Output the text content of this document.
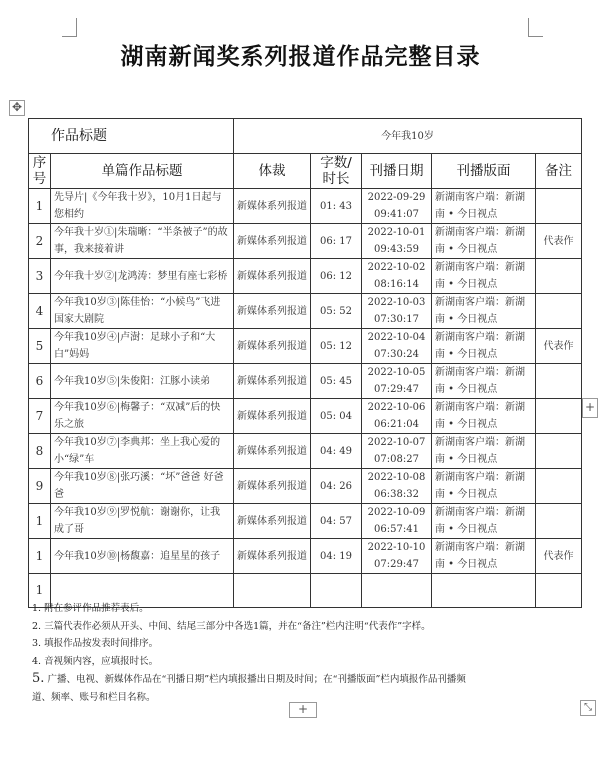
湖南新闻奖系列报道作品完整目录
✥
作品标题		今年我10岁				
序号	单篇作品标题	体裁	字数/时长	刊播日期	刊播版面	备注
1	先导片|《今年我十岁》，10月1日起与您相约	新媒体系列报道	01: 43	2022-09-29 09:41:07	新湖南客户端：新湖南 • 今日视点	
2	今年我十岁①|朱瑞晰：“半条被子”的故事，我来接着讲	新媒体系列报道	06: 17	2022-10-01 09:43:59	新湖南客户端：新湖南 • 今日视点	代表作
3	今年我十岁②|龙鸿涛：梦里有座七彩桥	新媒体系列报道	06: 12	2022-10-02 08:16:14	新湖南客户端：新湖南 • 今日视点	
4	今年我10岁③|陈佳怡：“小候鸟”飞进国家大剧院	新媒体系列报道	05: 52	2022-10-03 07:30:17	新湖南客户端：新湖南 • 今日视点	
5	今年我10岁④|卢澍：足球小子和“大白”妈妈	新媒体系列报道	05: 12	2022-10-04 07:30:24	新湖南客户端：新湖南 • 今日视点	代表作
6	今年我10岁⑤|朱俊阳：江豚小读弟	新媒体系列报道	05: 45	2022-10-05 07:29:47	新湖南客户端：新湖南 • 今日视点	
7	今年我10岁⑥|梅馨子：“双减”后的快乐之旅	新媒体系列报道	05: 04	2022-10-06 06:21:04	新湖南客户端：新湖南 • 今日视点	
8	今年我10岁⑦|李典邦：坐上我心爱的小“绿”车	新媒体系列报道	04: 49	2022-10-07 07:08:27	新湖南客户端：新湖南 • 今日视点	
9	今年我10岁⑧|张巧溪：“坏”爸爸 好爸爸	新媒体系列报道	04: 26	2022-10-08 06:38:32	新湖南客户端：新湖南 • 今日视点	
1	今年我10岁⑨|罗悦航：谢谢你，让我成了哥	新媒体系列报道	04: 57	2022-10-09 06:57:41	新湖南客户端：新湖南 • 今日视点	
1	今年我10岁⑩|杨馥嘉：追星星的孩子	新媒体系列报道	04: 19	2022-10-10 07:29:47	新湖南客户端：新湖南 • 今日视点	代表作
1						
1. 附在参评作品推荐表后。
2. 三篇代表作必须从开头、中间、结尾三部分中各选1篇，并在“备注”栏内注明“代表作”字样。
3. 填报作品按发表时间排序。
4. 音视频内容，应填报时长。
5. 广播、电视、新媒体作品在“刊播日期”栏内填报播出日期及时间；在“刊播版面”栏内填报作品刊播频
道、频率、账号和栏目名称。
+
+	⤡
